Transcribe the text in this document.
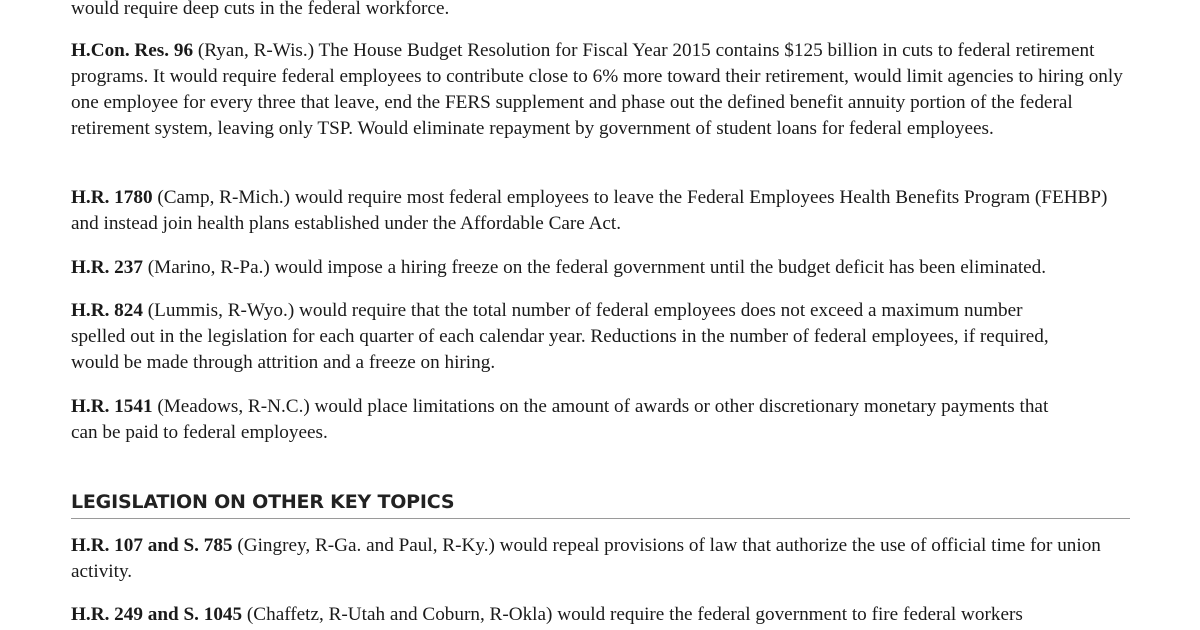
would require deep cuts in the federal workforce.

H.Con. Res. 96 (Ryan, R-Wis.) The House Budget Resolution for Fiscal Year 2015 contains $125 billion in cuts to federal retirement programs. It would require federal employees to contribute close to 6% more toward their retirement, would limit agencies to hiring only one employee for every three that leave, end the FERS supplement and phase out the defined benefit annuity portion of the federal retirement system, leaving only TSP. Would eliminate repayment by government of student loans for federal employees.

H.R. 1780 (Camp, R-Mich.) would require most federal employees to leave the Federal Employees Health Benefits Program (FEHBP) and instead join health plans established under the Affordable Care Act.

H.R. 237 (Marino, R-Pa.) would impose a hiring freeze on the federal government until the budget deficit has been eliminated.

H.R. 824 (Lummis, R-Wyo.) would require that the total number of federal employees does not exceed a maximum number spelled out in the legislation for each quarter of each calendar year. Reductions in the number of federal employees, if required, would be made through attrition and a freeze on hiring.

H.R. 1541 (Meadows, R-N.C.) would place limitations on the amount of awards or other discretionary monetary payments that can be paid to federal employees.

LEGISLATION ON OTHER KEY TOPICS

H.R. 107 and S. 785 (Gingrey, R-Ga. and Paul, R-Ky.) would repeal provisions of law that authorize the use of official time for union activity.

H.R. 249 and S. 1045 (Chaffetz, R-Utah and Coburn, R-Okla) would require the federal government to fire federal workers
